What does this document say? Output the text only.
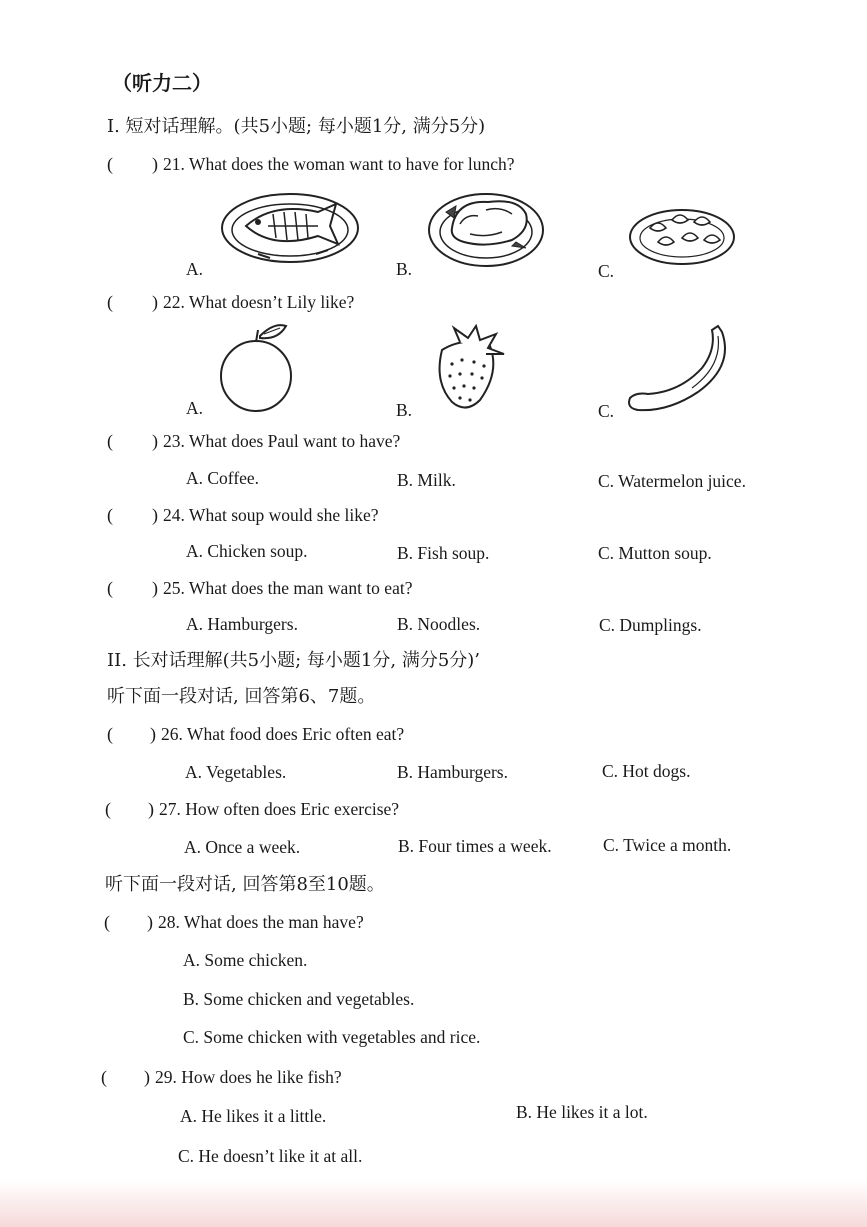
（听力二）
I. 短对话理解。(共5小题; 每小题1分, 满分5分)
( ) 21. What does the woman want to have for lunch?
A.	B.	C.
( ) 22. What doesn’t Lily like?
A.	B.	C.
( ) 23. What does Paul want to have?
A. Coffee.	B. Milk.	C. Watermelon juice.
( ) 24. What soup would she like?
A. Chicken soup.	B. Fish soup.	C. Mutton soup.
( ) 25. What does the man want to eat?
A. Hamburgers.	B. Noodles.	C. Dumplings.
II. 长对话理解(共5小题; 每小题1分, 满分5分)’
听下面一段对话, 回答第6、7题。
( ) 26. What food does Eric often eat?
A. Vegetables.	B. Hamburgers.	C. Hot dogs.
( ) 27. How often does Eric exercise?
A. Once a week.	B. Four times a week.	C. Twice a month.
听下面一段对话, 回答第8至10题。
( ) 28. What does the man have?
A. Some chicken.
B. Some chicken and vegetables.
C. Some chicken with vegetables and rice.
( ) 29. How does he like fish?
A. He likes it a little.	B. He likes it a lot.
C. He doesn’t like it at all.
